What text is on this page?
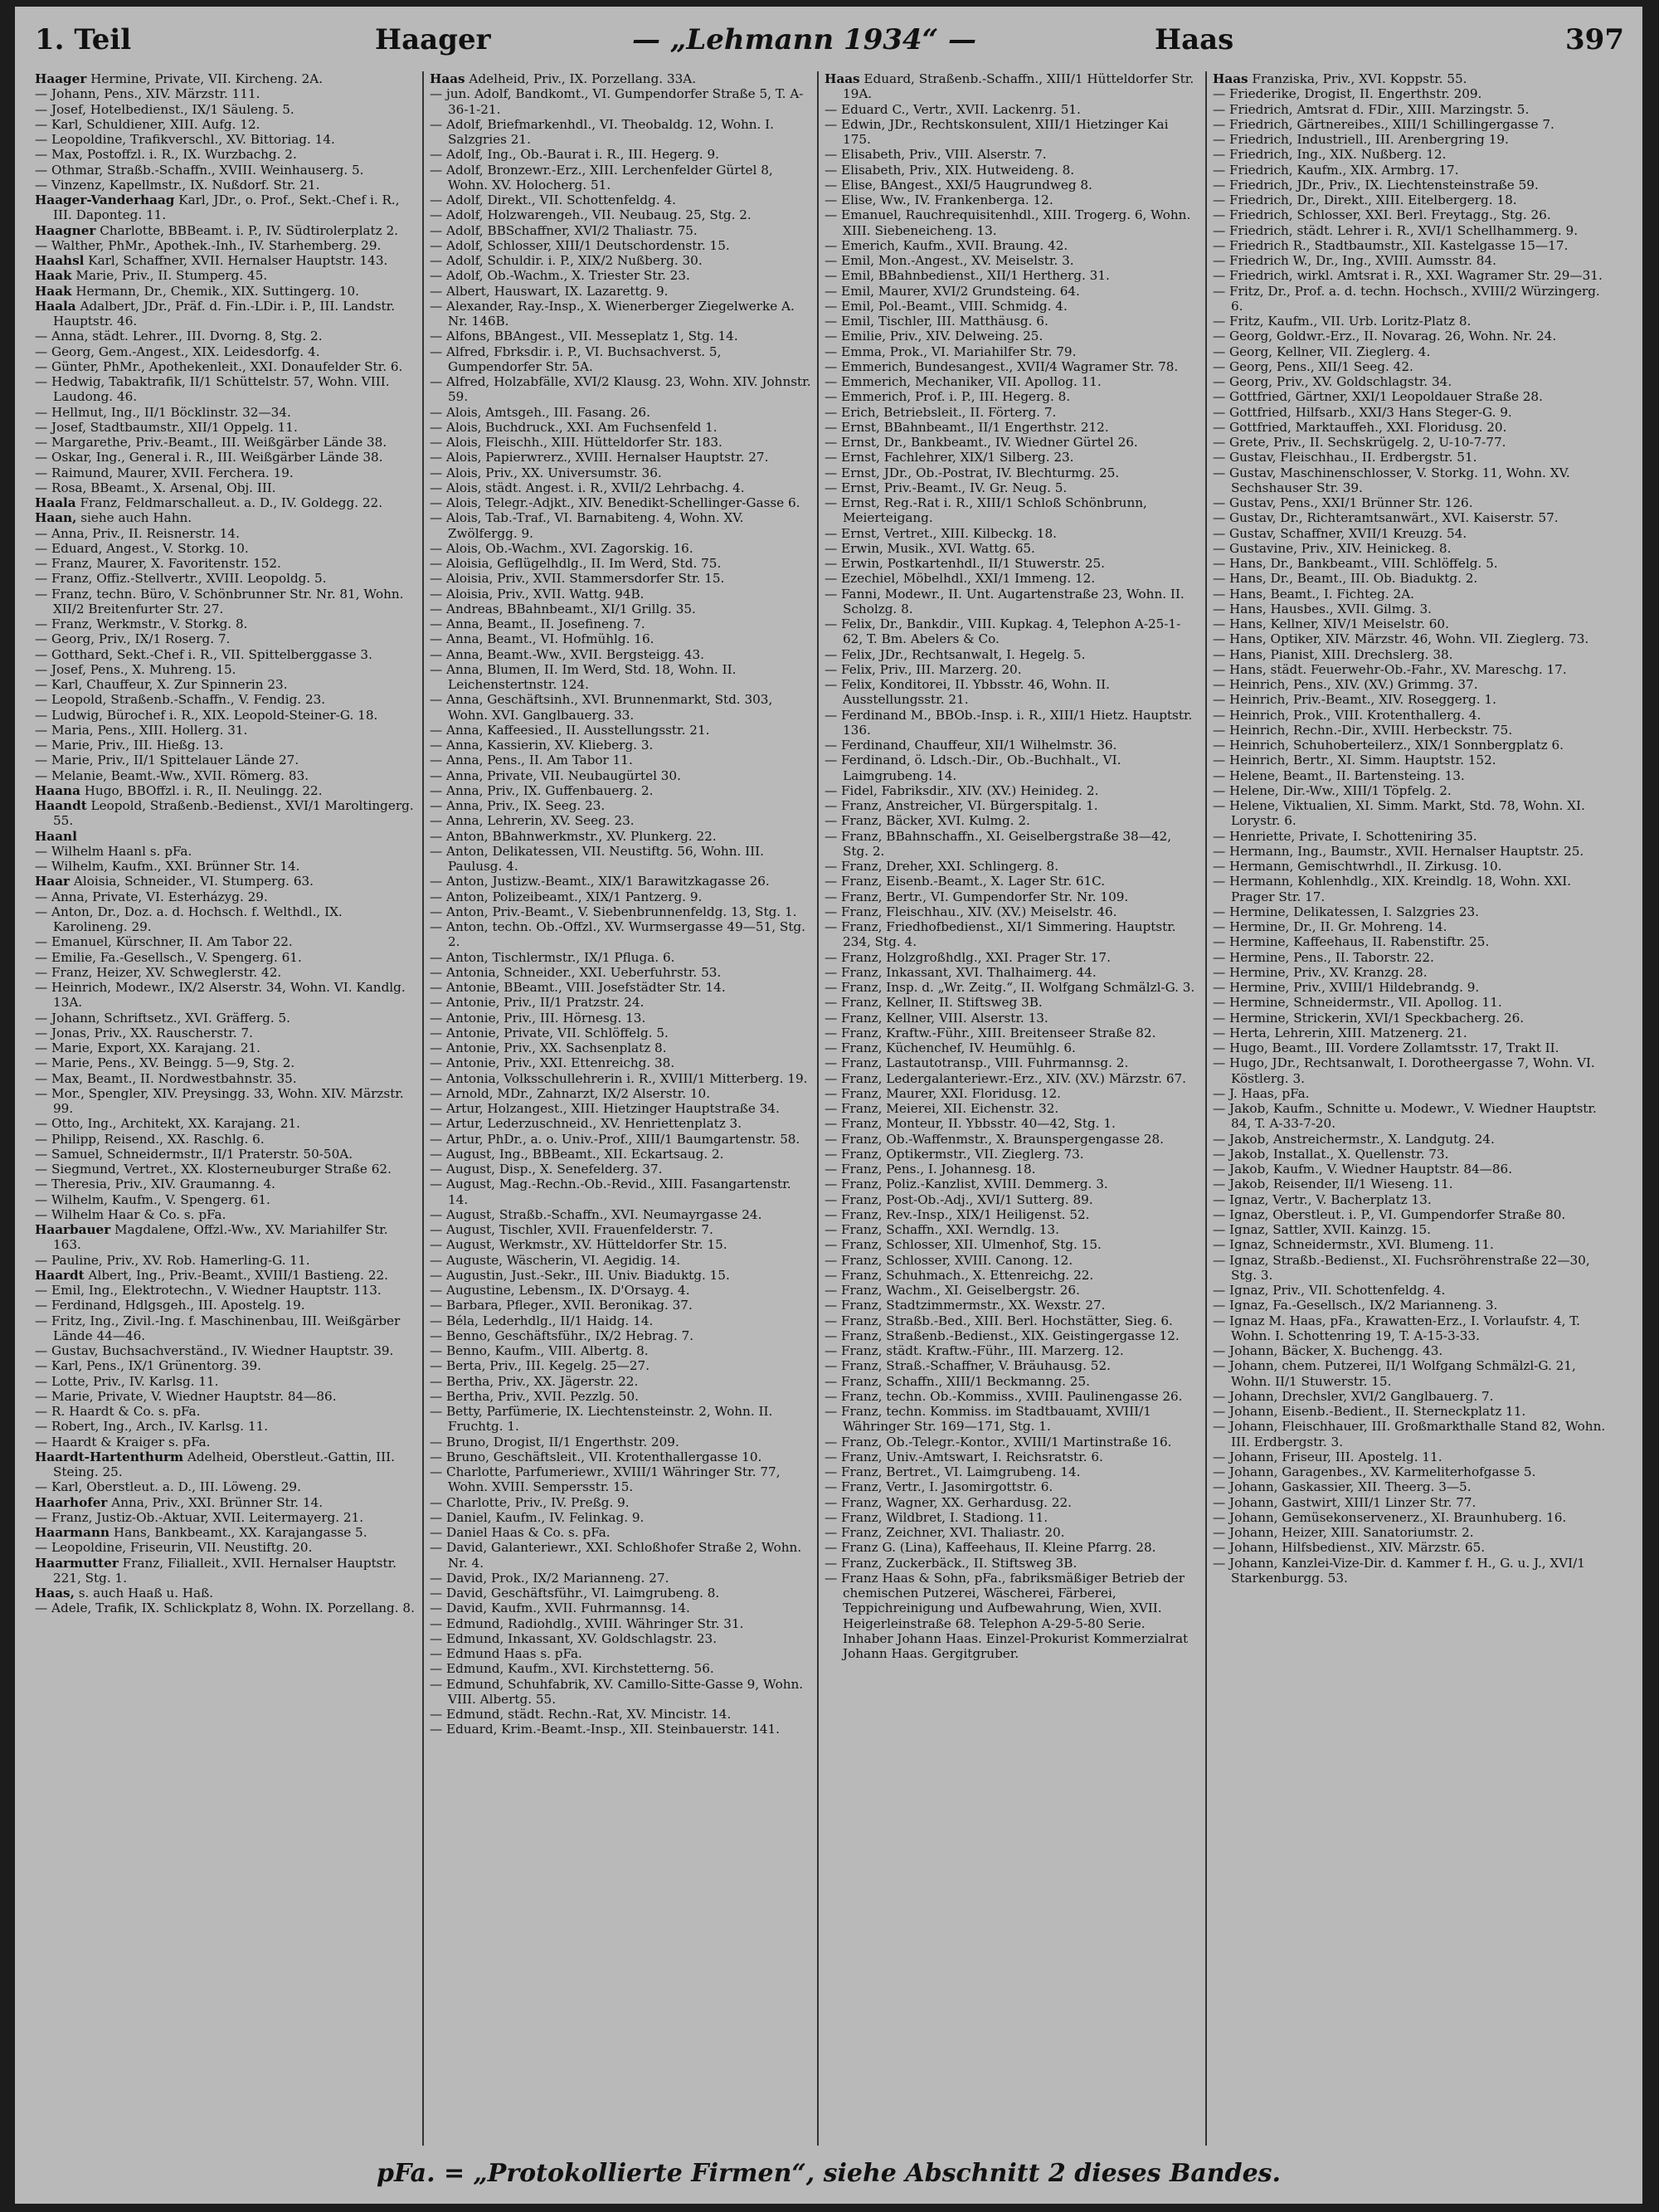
1. Teil	Haager	— „Lehmann 1934“ —	Haas	397

Haager Hermine, Private, VII. Kircheng. 2A.

— Johann, Pens., XIV. Märzstr. 111.

— Josef, Hotelbedienst., IX/1 Säuleng. 5.

— Karl, Schuldiener, XIII. Aufg. 12.

— Leopoldine, Trafikverschl., XV. Bittoriag. 14.

— Max, Postoffzl. i. R., IX. Wurzbachg. 2.

— Othmar, Straßb.-Schaffn., XVIII. Weinhauserg. 5.

— Vinzenz, Kapellmstr., IX. Nußdorf. Str. 21.

Haager-Vanderhaag Karl, JDr., o. Prof., Sekt.-Chef i. R., III. Daponteg. 11.

Haagner Charlotte, BBBeamt. i. P., IV. Südtirolerplatz 2.

— Walther, PhMr., Apothek.-Inh., IV. Starhemberg. 29.

Haahsl Karl, Schaffner, XVII. Hernalser Hauptstr. 143.

Haak Marie, Priv., II. Stumperg. 45.

Haak Hermann, Dr., Chemik., XIX. Suttingerg. 10.

Haala Adalbert, JDr., Präf. d. Fin.-LDir. i. P., III. Landstr. Hauptstr. 46.

— Anna, städt. Lehrer., III. Dvorng. 8, Stg. 2.

— Georg, Gem.-Angest., XIX. Leidesdorfg. 4.

— Günter, PhMr., Apothekenleit., XXI. Donaufelder Str. 6.

— Hedwig, Tabaktrafik, II/1 Schüttelstr. 57, Wohn. VIII. Laudong. 46.

— Hellmut, Ing., II/1 Böcklinstr. 32—34.

— Josef, Stadtbaumstr., XII/1 Oppelg. 11.

— Margarethe, Priv.-Beamt., III. Weißgärber Lände 38.

— Oskar, Ing., General i. R., III. Weißgärber Lände 38.

— Raimund, Maurer, XVII. Ferchera. 19.

— Rosa, BBeamt., X. Arsenal, Obj. III.

Haala Franz, Feldmarschalleut. a. D., IV. Goldegg. 22.

Haan, siehe auch Hahn.

— Anna, Priv., II. Reisnerstr. 14.

— Eduard, Angest., V. Storkg. 10.

— Franz, Maurer, X. Favoritenstr. 152.

— Franz, Offiz.-Stellvertr., XVIII. Leopoldg. 5.

— Franz, techn. Büro, V. Schönbrunner Str. Nr. 81, Wohn. XII/2 Breitenfurter Str. 27.

— Franz, Werkmstr., V. Storkg. 8.

— Georg, Priv., IX/1 Roserg. 7.

— Gotthard, Sekt.-Chef i. R., VII. Spittelberggasse 3.

— Josef, Pens., X. Muhreng. 15.

— Karl, Chauffeur, X. Zur Spinnerin 23.

— Leopold, Straßenb.-Schaffn., V. Fendig. 23.

— Ludwig, Bürochef i. R., XIX. Leopold-Steiner-G. 18.

— Maria, Pens., XIII. Hollerg. 31.

— Marie, Priv., III. Hießg. 13.

— Marie, Priv., II/1 Spittelauer Lände 27.

— Melanie, Beamt.-Ww., XVII. Römerg. 83.

Haana Hugo, BBOffzl. i. R., II. Neulingg. 22.

Haandt Leopold, Straßenb.-Bedienst., XVI/1 Maroltingerg. 55.

Haanl

— Wilhelm Haanl s. pFa.

— Wilhelm, Kaufm., XXI. Brünner Str. 14.

Haar Aloisia, Schneider., VI. Stumperg. 63.

— Anna, Private, VI. Esterházyg. 29.

— Anton, Dr., Doz. a. d. Hochsch. f. Welthdl., IX. Karolineng. 29.

— Emanuel, Kürschner, II. Am Tabor 22.

— Emilie, Fa.-Gesellsch., V. Spengerg. 61.

— Franz, Heizer, XV. Schweglerstr. 42.

— Heinrich, Modewr., IX/2 Alserstr. 34, Wohn. VI. Kandlg. 13A.

— Johann, Schriftsetz., XVI. Gräfferg. 5.

— Jonas, Priv., XX. Rauscherstr. 7.

— Marie, Export, XX. Karajang. 21.

— Marie, Pens., XV. Beingg. 5—9, Stg. 2.

— Max, Beamt., II. Nordwestbahnstr. 35.

— Mor., Spengler, XIV. Preysingg. 33, Wohn. XIV. Märzstr. 99.

— Otto, Ing., Architekt, XX. Karajang. 21.

— Philipp, Reisend., XX. Raschlg. 6.

— Samuel, Schneidermstr., II/1 Praterstr. 50-50A.

— Siegmund, Vertret., XX. Klosterneuburger Straße 62.

— Theresia, Priv., XIV. Graumanng. 4.

— Wilhelm, Kaufm., V. Spengerg. 61.

— Wilhelm Haar & Co. s. pFa.

Haarbauer Magdalene, Offzl.-Ww., XV. Mariahilfer Str. 163.

— Pauline, Priv., XV. Rob. Hamerling-G. 11.

Haardt Albert, Ing., Priv.-Beamt., XVIII/1 Bastieng. 22.

— Emil, Ing., Elektrotechn., V. Wiedner Hauptstr. 113.

— Ferdinand, Hdlgsgeh., III. Apostelg. 19.

— Fritz, Ing., Zivil.-Ing. f. Maschinenbau, III. Weißgärber Lände 44—46.

— Gustav, Buchsachverständ., IV. Wiedner Hauptstr. 39.

— Karl, Pens., IX/1 Grünentorg. 39.

— Lotte, Priv., IV. Karlsg. 11.

— Marie, Private, V. Wiedner Hauptstr. 84—86.

— R. Haardt & Co. s. pFa.

— Robert, Ing., Arch., IV. Karlsg. 11.

— Haardt & Kraiger s. pFa.

Haardt-Hartenthurm Adelheid, Oberstleut.-Gattin, III. Steing. 25.

— Karl, Oberstleut. a. D., III. Löweng. 29.

Haarhofer Anna, Priv., XXI. Brünner Str. 14.

— Franz, Justiz-Ob.-Aktuar, XVII. Leitermayerg. 21.

Haarmann Hans, Bankbeamt., XX. Karajangasse 5.

— Leopoldine, Friseurin, VII. Neustiftg. 20.

Haarmutter Franz, Filialleit., XVII. Hernalser Hauptstr. 221, Stg. 1.

Haas, s. auch Haaß u. Haß.

— Adele, Trafik, IX. Schlickplatz 8, Wohn. IX. Porzellang. 8.

Haas Adelheid, Priv., IX. Porzellang. 33A.

— jun. Adolf, Bandkomt., VI. Gumpendorfer Straße 5, T. A-36-1-21.

— Adolf, Briefmarkenhdl., VI. Theobaldg. 12, Wohn. I. Salzgries 21.

— Adolf, Ing., Ob.-Baurat i. R., III. Hegerg. 9.

— Adolf, Bronzewr.-Erz., XIII. Lerchenfelder Gürtel 8, Wohn. XV. Holocherg. 51.

— Adolf, Direkt., VII. Schottenfeldg. 4.

— Adolf, Holzwarengeh., VII. Neubaug. 25, Stg. 2.

— Adolf, BBSchaffner, XVI/2 Thaliastr. 75.

— Adolf, Schlosser, XIII/1 Deutschordenstr. 15.

— Adolf, Schuldir. i. P., XIX/2 Nußberg. 30.

— Adolf, Ob.-Wachm., X. Triester Str. 23.

— Albert, Hauswart, IX. Lazarettg. 9.

— Alexander, Ray.-Insp., X. Wienerberger Ziegelwerke A. Nr. 146B.

— Alfons, BBAngest., VII. Messeplatz 1, Stg. 14.

— Alfred, Fbrksdir. i. P., VI. Buchsachverst. 5, Gumpendorfer Str. 5A.

— Alfred, Holzabfälle, XVI/2 Klausg. 23, Wohn. XIV. Johnstr. 59.

— Alois, Amtsgeh., III. Fasang. 26.

— Alois, Buchdruck., XXI. Am Fuchsenfeld 1.

— Alois, Fleischh., XIII. Hütteldorfer Str. 183.

— Alois, Papierwrerz., XVIII. Hernalser Hauptstr. 27.

— Alois, Priv., XX. Universumstr. 36.

— Alois, städt. Angest. i. R., XVII/2 Lehrbachg. 4.

— Alois, Telegr.-Adjkt., XIV. Benedikt-Schellinger-Gasse 6.

— Alois, Tab.-Traf., VI. Barnabiteng. 4, Wohn. XV. Zwölfergg. 9.

— Alois, Ob.-Wachm., XVI. Zagorskig. 16.

— Aloisia, Geflügelhdlg., II. Im Werd, Std. 75.

— Aloisia, Priv., XVII. Stammersdorfer Str. 15.

— Aloisia, Priv., XVII. Wattg. 94B.

— Andreas, BBahnbeamt., XI/1 Grillg. 35.

— Anna, Beamt., II. Josefineng. 7.

— Anna, Beamt., VI. Hofmühlg. 16.

— Anna, Beamt.-Ww., XVII. Bergsteigg. 43.

— Anna, Blumen, II. Im Werd, Std. 18, Wohn. II. Leichenstertnstr. 124.

— Anna, Geschäftsinh., XVI. Brunnenmarkt, Std. 303, Wohn. XVI. Ganglbauerg. 33.

— Anna, Kaffeesied., II. Ausstellungsstr. 21.

— Anna, Kassierin, XV. Klieberg. 3.

— Anna, Pens., II. Am Tabor 11.

— Anna, Private, VII. Neubaugürtel 30.

— Anna, Priv., IX. Guffenbauerg. 2.

— Anna, Priv., IX. Seeg. 23.

— Anna, Lehrerin, XV. Seeg. 23.

— Anton, BBahnwerkmstr., XV. Plunkerg. 22.

— Anton, Delikatessen, VII. Neustiftg. 56, Wohn. III. Paulusg. 4.

— Anton, Justizw.-Beamt., XIX/1 Barawitzkagasse 26.

— Anton, Polizeibeamt., XIX/1 Pantzerg. 9.

— Anton, Priv.-Beamt., V. Siebenbrunnenfeldg. 13, Stg. 1.

— Anton, techn. Ob.-Offzl., XV. Wurmsergasse 49—51, Stg. 2.

— Anton, Tischlermstr., IX/1 Pfluga. 6.

— Antonia, Schneider., XXI. Ueberfuhrstr. 53.

— Antonie, BBeamt., VIII. Josefstädter Str. 14.

— Antonie, Priv., II/1 Pratzstr. 24.

— Antonie, Priv., III. Hörnesg. 13.

— Antonie, Private, VII. Schlöffelg. 5.

— Antonie, Priv., XX. Sachsenplatz 8.

— Antonie, Priv., XXI. Ettenreichg. 38.

— Antonia, Volksschullehrerin i. R., XVIII/1 Mitterberg. 19.

— Arnold, MDr., Zahnarzt, IX/2 Alserstr. 10.

— Artur, Holzangest., XIII. Hietzinger Hauptstraße 34.

— Artur, Lederzuschneid., XV. Henriettenplatz 3.

— Artur, PhDr., a. o. Univ.-Prof., XIII/1 Baumgartenstr. 58.

— August, Ing., BBBeamt., XII. Eckartsaug. 2.

— August, Disp., X. Senefelderg. 37.

— August, Mag.-Rechn.-Ob.-Revid., XIII. Fasangartenstr. 14.

— August, Straßb.-Schaffn., XVI. Neumayrgasse 24.

— August, Tischler, XVII. Frauenfelderstr. 7.

— August, Werkmstr., XV. Hütteldorfer Str. 15.

— Auguste, Wäscherin, VI. Aegidig. 14.

— Augustin, Just.-Sekr., III. Univ. Biaduktg. 15.

— Augustine, Lebensm., IX. D'Orsayg. 4.

— Barbara, Pfleger., XVII. Beronikag. 37.

— Béla, Lederhdlg., II/1 Haidg. 14.

— Benno, Geschäftsführ., IX/2 Hebrag. 7.

— Benno, Kaufm., VIII. Albertg. 8.

— Berta, Priv., III. Kegelg. 25—27.

— Bertha, Priv., XX. Jägerstr. 22.

— Bertha, Priv., XVII. Pezzlg. 50.

— Betty, Parfümerie, IX. Liechtensteinstr. 2, Wohn. II. Fruchtg. 1.

— Bruno, Drogist, II/1 Engerthstr. 209.

— Bruno, Geschäftsleit., VII. Krotenthallergasse 10.

— Charlotte, Parfumeriewr., XVIII/1 Währinger Str. 77, Wohn. XVIII. Sempersstr. 15.

— Charlotte, Priv., IV. Preßg. 9.

— Daniel, Kaufm., IV. Felinkag. 9.

— Daniel Haas & Co. s. pFa.

— David, Galanteriewr., XXI. Schloßhofer Straße 2, Wohn. Nr. 4.

— David, Prok., IX/2 Marianneng. 27.

— David, Geschäftsführ., VI. Laimgrubeng. 8.

— David, Kaufm., XVII. Fuhrmannsg. 14.

— Edmund, Radiohdlg., XVIII. Währinger Str. 31.

— Edmund, Inkassant, XV. Goldschlagstr. 23.

— Edmund Haas s. pFa.

— Edmund, Kaufm., XVI. Kirchstetterng. 56.

— Edmund, Schuhfabrik, XV. Camillo-Sitte-Gasse 9, Wohn. VIII. Albertg. 55.

— Edmund, städt. Rechn.-Rat, XV. Mincistr. 14.

— Eduard, Krim.-Beamt.-Insp., XII. Steinbauerstr. 141.

Haas Eduard, Straßenb.-Schaffn., XIII/1 Hütteldorfer Str. 19A.

— Eduard C., Vertr., XVII. Lackenrg. 51.

— Edwin, JDr., Rechtskonsulent, XIII/1 Hietzinger Kai 175.

— Elisabeth, Priv., VIII. Alserstr. 7.

— Elisabeth, Priv., XIX. Hutweideng. 8.

— Elise, BAngest., XXI/5 Haugrundweg 8.

— Elise, Ww., IV. Frankenberga. 12.

— Emanuel, Rauchrequisitenhdl., XIII. Trogerg. 6, Wohn. XIII. Siebeneicheng. 13.

— Emerich, Kaufm., XVII. Braung. 42.

— Emil, Mon.-Angest., XV. Meiselstr. 3.

— Emil, BBahnbedienst., XII/1 Hertherg. 31.

— Emil, Maurer, XVI/2 Grundsteing. 64.

— Emil, Pol.-Beamt., VIII. Schmidg. 4.

— Emil, Tischler, III. Matthäusg. 6.

— Emilie, Priv., XIV. Delweing. 25.

— Emma, Prok., VI. Mariahilfer Str. 79.

— Emmerich, Bundesangest., XVII/4 Wagramer Str. 78.

— Emmerich, Mechaniker, VII. Apollog. 11.

— Emmerich, Prof. i. P., III. Hegerg. 8.

— Erich, Betriebsleit., II. Förterg. 7.

— Ernst, BBahnbeamt., II/1 Engerthstr. 212.

— Ernst, Dr., Bankbeamt., IV. Wiedner Gürtel 26.

— Ernst, Fachlehrer, XIX/1 Silberg. 23.

— Ernst, JDr., Ob.-Postrat, IV. Blechturmg. 25.

— Ernst, Priv.-Beamt., IV. Gr. Neug. 5.

— Ernst, Reg.-Rat i. R., XIII/1 Schloß Schönbrunn, Meierteigang.

— Ernst, Vertret., XIII. Kilbeckg. 18.

— Erwin, Musik., XVI. Wattg. 65.

— Erwin, Postkartenhdl., II/1 Stuwerstr. 25.

— Ezechiel, Möbelhdl., XXI/1 Immeng. 12.

— Fanni, Modewr., II. Unt. Augartenstraße 23, Wohn. II. Scholzg. 8.

— Felix, Dr., Bankdir., VIII. Kupkag. 4, Telephon A-25-1-62, T. Bm. Abelers & Co.

— Felix, JDr., Rechtsanwalt, I. Hegelg. 5.

— Felix, Priv., III. Marzerg. 20.

— Felix, Konditorei, II. Ybbsstr. 46, Wohn. II. Ausstellungsstr. 21.

— Ferdinand M., BBOb.-Insp. i. R., XIII/1 Hietz. Hauptstr. 136.

— Ferdinand, Chauffeur, XII/1 Wilhelmstr. 36.

— Ferdinand, ö. Ldsch.-Dir., Ob.-Buchhalt., VI. Laimgrubeng. 14.

— Fidel, Fabriksdir., XIV. (XV.) Heinideg. 2.

— Franz, Anstreicher, VI. Bürgerspitalg. 1.

— Franz, Bäcker, XVI. Kulmg. 2.

— Franz, BBahnschaffn., XI. Geiselbergstraße 38—42, Stg. 2.

— Franz, Dreher, XXI. Schlingerg. 8.

— Franz, Eisenb.-Beamt., X. Lager Str. 61C.

— Franz, Bertr., VI. Gumpendorfer Str. Nr. 109.

— Franz, Fleischhau., XIV. (XV.) Meiselstr. 46.

— Franz, Friedhofbedienst., XI/1 Simmering. Hauptstr. 234, Stg. 4.

— Franz, Holzgroßhdlg., XXI. Prager Str. 17.

— Franz, Inkassant, XVI. Thalhaimerg. 44.

— Franz, Insp. d. „Wr. Zeitg.“, II. Wolfgang Schmälzl-G. 3.

— Franz, Kellner, II. Stiftsweg 3B.

— Franz, Kellner, VIII. Alserstr. 13.

— Franz, Kraftw.-Führ., XIII. Breitenseer Straße 82.

— Franz, Küchenchef, IV. Heumühlg. 6.

— Franz, Lastautotransp., VIII. Fuhrmannsg. 2.

— Franz, Ledergalanteriewr.-Erz., XIV. (XV.) Märzstr. 67.

— Franz, Maurer, XXI. Floridusg. 12.

— Franz, Meierei, XII. Eichenstr. 32.

— Franz, Monteur, II. Ybbsstr. 40—42, Stg. 1.

— Franz, Ob.-Waffenmstr., X. Braunspergengasse 28.

— Franz, Optikermstr., VII. Zieglerg. 73.

— Franz, Pens., I. Johannesg. 18.

— Franz, Poliz.-Kanzlist, XVIII. Demmerg. 3.

— Franz, Post-Ob.-Adj., XVI/1 Sutterg. 89.

— Franz, Rev.-Insp., XIX/1 Heiligenst. 52.

— Franz, Schaffn., XXI. Werndlg. 13.

— Franz, Schlosser, XII. Ulmenhof, Stg. 15.

— Franz, Schlosser, XVIII. Canong. 12.

— Franz, Schuhmach., X. Ettenreichg. 22.

— Franz, Wachm., XI. Geiselbergstr. 26.

— Franz, Stadtzimmermstr., XX. Wexstr. 27.

— Franz, Straßb.-Bed., XIII. Berl. Hochstätter, Sieg. 6.

— Franz, Straßenb.-Bedienst., XIX. Geistingergasse 12.

— Franz, städt. Kraftw.-Führ., III. Marzerg. 12.

— Franz, Straß.-Schaffner, V. Bräuhausg. 52.

— Franz, Schaffn., XIII/1 Beckmanng. 25.

— Franz, techn. Ob.-Kommiss., XVIII. Paulinengasse 26.

— Franz, techn. Kommiss. im Stadtbauamt, XVIII/1 Währinger Str. 169—171, Stg. 1.

— Franz, Ob.-Telegr.-Kontor., XVIII/1 Martinstraße 16.

— Franz, Univ.-Amtswart, I. Reichsratstr. 6.

— Franz, Bertret., VI. Laimgrubeng. 14.

— Franz, Vertr., I. Jasomirgottstr. 6.

— Franz, Wagner, XX. Gerhardusg. 22.

— Franz, Wildbret, I. Stadiong. 11.

— Franz, Zeichner, XVI. Thaliastr. 20.

— Franz G. (Lina), Kaffeehaus, II. Kleine Pfarrg. 28.

— Franz, Zuckerbäck., II. Stiftsweg 3B.

— Franz Haas & Sohn, pFa., fabriksmäßiger Betrieb der chemischen Putzerei, Wäscherei, Färberei, Teppichreinigung und Aufbewahrung, Wien, XVII. Heigerleinstraße 68. Telephon A-29-5-80 Serie. Inhaber Johann Haas. Einzel-Prokurist Kommerzialrat Johann Haas. Gergitgruber.

Haas Franziska, Priv., XVI. Koppstr. 55.

— Friederike, Drogist, II. Engerthstr. 209.

— Friedrich, Amtsrat d. FDir., XIII. Marzingstr. 5.

— Friedrich, Gärtnereibes., XIII/1 Schillingergasse 7.

— Friedrich, Industriell., III. Arenbergring 19.

— Friedrich, Ing., XIX. Nußberg. 12.

— Friedrich, Kaufm., XIX. Armbrg. 17.

— Friedrich, JDr., Priv., IX. Liechtensteinstraße 59.

— Friedrich, Dr., Direkt., XIII. Eitelbergerg. 18.

— Friedrich, Schlosser, XXI. Berl. Freytagg., Stg. 26.

— Friedrich, städt. Lehrer i. R., XVI/1 Schellhammerg. 9.

— Friedrich R., Stadtbaumstr., XII. Kastelgasse 15—17.

— Friedrich W., Dr., Ing., XVIII. Aumsstr. 84.

— Friedrich, wirkl. Amtsrat i. R., XXI. Wagramer Str. 29—31.

— Fritz, Dr., Prof. a. d. techn. Hochsch., XVIII/2 Würzingerg. 6.

— Fritz, Kaufm., VII. Urb. Loritz-Platz 8.

— Georg, Goldwr.-Erz., II. Novarag. 26, Wohn. Nr. 24.

— Georg, Kellner, VII. Zieglerg. 4.

— Georg, Pens., XII/1 Seeg. 42.

— Georg, Priv., XV. Goldschlagstr. 34.

— Gottfried, Gärtner, XXI/1 Leopoldauer Straße 28.

— Gottfried, Hilfsarb., XXI/3 Hans Steger-G. 9.

— Gottfried, Marktauffeh., XXI. Floridusg. 20.

— Grete, Priv., II. Sechskrügelg. 2, U-10-7-77.

— Gustav, Fleischhau., II. Erdbergstr. 51.

— Gustav, Maschinenschlosser, V. Storkg. 11, Wohn. XV. Sechshauser Str. 39.

— Gustav, Pens., XXI/1 Brünner Str. 126.

— Gustav, Dr., Richteramtsanwärt., XVI. Kaiserstr. 57.

— Gustav, Schaffner, XVII/1 Kreuzg. 54.

— Gustavine, Priv., XIV. Heinickeg. 8.

— Hans, Dr., Bankbeamt., VIII. Schlöffelg. 5.

— Hans, Dr., Beamt., III. Ob. Biaduktg. 2.

— Hans, Beamt., I. Fichteg. 2A.

— Hans, Hausbes., XVII. Gilmg. 3.

— Hans, Kellner, XIV/1 Meiselstr. 60.

— Hans, Optiker, XIV. Märzstr. 46, Wohn. VII. Zieglerg. 73.

— Hans, Pianist, XIII. Drechslerg. 38.

— Hans, städt. Feuerwehr-Ob.-Fahr., XV. Mareschg. 17.

— Heinrich, Pens., XIV. (XV.) Grimmg. 37.

— Heinrich, Priv.-Beamt., XIV. Roseggerg. 1.

— Heinrich, Prok., VIII. Krotenthallerg. 4.

— Heinrich, Rechn.-Dir., XVIII. Herbeckstr. 75.

— Heinrich, Schuhoberteilerz., XIX/1 Sonnbergplatz 6.

— Heinrich, Bertr., XI. Simm. Hauptstr. 152.

— Helene, Beamt., II. Bartensteing. 13.

— Helene, Dir.-Ww., XIII/1 Töpfelg. 2.

— Helene, Viktualien, XI. Simm. Markt, Std. 78, Wohn. XI. Lorystr. 6.

— Henriette, Private, I. Schotteniring 35.

— Hermann, Ing., Baumstr., XVII. Hernalser Hauptstr. 25.

— Hermann, Gemischtwrhdl., II. Zirkusg. 10.

— Hermann, Kohlenhdlg., XIX. Kreindlg. 18, Wohn. XXI. Prager Str. 17.

— Hermine, Delikatessen, I. Salzgries 23.

— Hermine, Dr., II. Gr. Mohreng. 14.

— Hermine, Kaffeehaus, II. Rabenstiftr. 25.

— Hermine, Pens., II. Taborstr. 22.

— Hermine, Priv., XV. Kranzg. 28.

— Hermine, Priv., XVIII/1 Hildebrandg. 9.

— Hermine, Schneidermstr., VII. Apollog. 11.

— Hermine, Strickerin, XVI/1 Speckbacherg. 26.

— Herta, Lehrerin, XIII. Matzenerg. 21.

— Hugo, Beamt., III. Vordere Zollamtsstr. 17, Trakt II.

— Hugo, JDr., Rechtsanwalt, I. Dorotheergasse 7, Wohn. VI. Köstlerg. 3.

— J. Haas, pFa.

— Jakob, Kaufm., Schnitte u. Modewr., V. Wiedner Hauptstr. 84, T. A-33-7-20.

— Jakob, Anstreichermstr., X. Landgutg. 24.

— Jakob, Installat., X. Quellenstr. 73.

— Jakob, Kaufm., V. Wiedner Hauptstr. 84—86.

— Jakob, Reisender, II/1 Wieseng. 11.

— Ignaz, Vertr., V. Bacherplatz 13.

— Ignaz, Oberstleut. i. P., VI. Gumpendorfer Straße 80.

— Ignaz, Sattler, XVII. Kainzg. 15.

— Ignaz, Schneidermstr., XVI. Blumeng. 11.

— Ignaz, Straßb.-Bedienst., XI. Fuchsröhrenstraße 22—30, Stg. 3.

— Ignaz, Priv., VII. Schottenfeldg. 4.

— Ignaz, Fa.-Gesellsch., IX/2 Marianneng. 3.

— Ignaz M. Haas, pFa., Krawatten-Erz., I. Vorlaufstr. 4, T. Wohn. I. Schottenring 19, T. A-15-3-33.

— Johann, Bäcker, X. Buchengg. 43.

— Johann, chem. Putzerei, II/1 Wolfgang Schmälzl-G. 21, Wohn. II/1 Stuwerstr. 15.

— Johann, Drechsler, XVI/2 Ganglbauerg. 7.

— Johann, Eisenb.-Bedient., II. Sterneckplatz 11.

— Johann, Fleischhauer, III. Großmarkthalle Stand 82, Wohn. III. Erdbergstr. 3.

— Johann, Friseur, III. Apostelg. 11.

— Johann, Garagenbes., XV. Karmeliterhofgasse 5.

— Johann, Gaskassier, XII. Theerg. 3—5.

— Johann, Gastwirt, XIII/1 Linzer Str. 77.

— Johann, Gemüsekonservenerz., XI. Braunhuberg. 16.

— Johann, Heizer, XIII. Sanatoriumstr. 2.

— Johann, Hilfsbedienst., XIV. Märzstr. 65.

— Johann, Kanzlei-Vize-Dir. d. Kammer f. H., G. u. J., XVI/1 Starkenburgg. 53.

pFa. = „Protokollierte Firmen“, siehe Abschnitt 2 dieses Bandes.
